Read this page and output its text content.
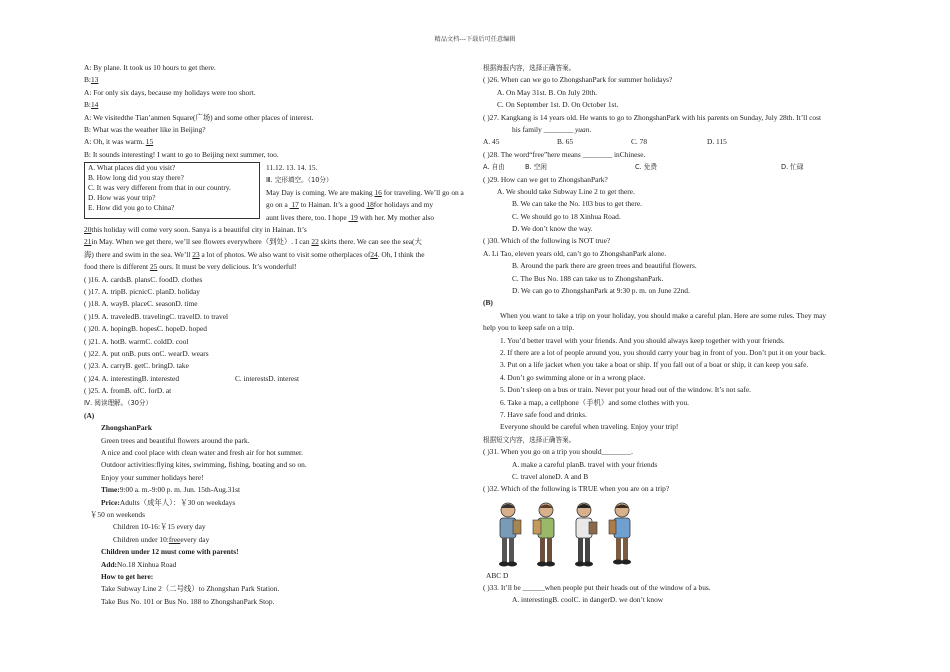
精品文档---下载后可任意编辑
A: By plane. It took us 10 hours to get there.
B:13
A: For only six days, because my holidays were too short.
B:14
A: We visitedthe Tian’anmen Square(广场) and some other places of interest.
B: What was the weather like in Beijing?
A: Oh, it was warm. 15
B: It sounds interesting! I want to go to Beijing next summer, too.
A. What places did you visit?
B. How long did you stay there?
C. It was very different from that in our country.
D. How was your trip?
E. How did you go to China?
11.12. 13. 14. 15.
Ⅲ. 完形填空。（10分）
May Day is coming. We are making 16 for traveling. We’ll go on a
go on a  17 to Hainan. It’s a good 18for holidays and my
aunt lives there, too. I hope  19 with her. My mother also
20this holiday will come very soon. Sanya is a beautiful city in Hainan. It’s
21in May. When we get there, we’ll see flowers everywhere（到处）. I can 22 skirts there. We can see the sea(大
海) there and swim in the sea. We’ll 23 a lot of photos. We also want to visit some otherplaces of24. Oh, I think the
food there is different 25 ours. It must be very delicious. It’s wonderful!
( )16. A. cardsB. plansC. foodD. clothes
( )17. A. tripB. picnicC. planD. holiday
( )18. A. wayB. placeC. seasonD. time
( )19. A. traveledB. travelingC. travelD. to travel
( )20. A. hopingB. hopesC. hopeD. hoped
( )21. A. hotB. warmC. coldD. cool
( )22. A. put onB. puts onC. wearD. wears
( )23. A. carryB. getC. bringD. take
( )24. A. interestingB. interested	C. interestsD. interest
( )25. A. fromB. ofC. forD. at
Ⅳ. 阅读理解。（30分）
(A)
ZhongshanPark
Green trees and beautiful flowers around the park.
A nice and cool place with clean water and fresh air for hot summer.
Outdoor activities:flying kites, swimming, fishing, boating and so on.
Enjoy your summer holidays here!
Time:9:00 a. m.-9:00 p. m. Jun. 15th-Aug.31st
Price:Adults（成年人）：￥30 on weekdays
￥50 on weekends
Children 10-16:￥15 every day
Children under 10:freeevery day
Children under 12 must come with parents!
Add:No.18 Xinhua Road
How to get here:
Take Subway Line 2（二号线）to Zhongshan Park Station.
Take Bus No. 101 or Bus No. 188 to ZhongshanPark Stop.
根据海报内容，选择正确答案。
( )26. When can we go to ZhongshanPark for summer holidays?
A. On May 31st. B. On July 20th.
C. On September 1st. D. On October 1st.
( )27. Kangkang is 14 years old. He wants to go to ZhongshanPark with his parents on Sunday, July 28th. It’ll cost
his family ________ yuan.
A. 45	B. 65	C. 78	D. 115
( )28. The word“free”here means ________ inChinese.
A. 自由	B. 空闲	C. 免费	D. 忙碌
( )29. How can we get to ZhongshanPark?
A. We should take Subway Line 2 to get there.
B. We can take the No. 103 bus to get there.
C. We should go to 18 Xinhua Road.
D. We don’t know the way.
( )30. Which of the following is NOT true?
A. Li Tao, eleven years old, can’t go to ZhongshanPark alone.
B. Around the park there are green trees and beautiful flowers.
C. The Bus No. 188 can take us to ZhongshanPark.
D. We can go to ZhongshanPark at 9:30 p. m. on June 22nd.
(B)
When you want to take a trip on your holiday, you should make a careful plan. Here are some rules. They may
help you to keep safe on a trip.
1. You’d better travel with your friends. And you should always keep together with your friends.
2. If there are a lot of people around you, you should carry your bag in front of you. Don’t put it on your back.
3. Put on a life jacket when you take a boat or ship. If you fall out of a boat or ship, it can keep you safe.
4. Don’t go swimming alone or in a wrong place.
5. Don’t sleep on a bus or train. Never put your head out of the window. It’s not safe.
6. Take a map, a cellphone（手机）and some clothes with you.
7. Have safe food and drinks.
Everyone should be careful when traveling. Enjoy your trip!
根据短文内容，选择正确答案。
( )31. When you go on a trip you should________.
A. make a careful planB. travel with your friends
C. travel aloneD. A and B
( )32. Which of the following is TRUE when you are on a trip?
ABC D
( )33. It’ll be ______when people put their heads out of the window of a bus.
A. interestingB. coolC. in dangerD. we don’t know
